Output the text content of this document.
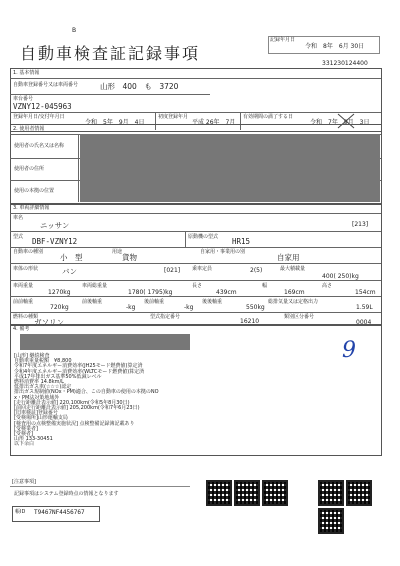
B
自動車検査証記録事項
記録年月日
令和　8年　6月 30日
331230124400
1. 基本情報
自動車登録番号又は車両番号	山形　400　も　3720
車台番号
VZNY12-045963
登録年月日/交付年月日
令和　5年　9月　4日
初度登録年月
平成 26年　7月
有効期間の満了する日
令和　7年　9月　3日
2. 使用者情報
使用者の氏名又は名称
使用者の住所
使用の本拠の位置
3. 車両詳細情報
車名
ニッサン	[213]
型式 DBF-VZNY12	原動機の型式 HR15
自動車の種別
小　型
用途
貨物
自家用・事業用の別
自家用
車体の形状	バン	[021] 乗車定員	2(5)	最大積載量
400( 250)kg
車両重量
1270kg
車両総重量
1780( 1795)kg
長さ
439cm
幅
169cm
高さ
154cm
前前軸重
720kg
前後軸重
-kg
後前軸重
-kg
後後軸重
550kg
総排気量又は定格出力
1.59L
燃料の種類
ガソリン
型式指定番号
16210
類別区分番号
0004
4. 備考
9
[山形] 継続検査
自動車重量税額　¥8,800
令和7年度エネルギー消費効率(JH25モード燃費値)算定済
令和4年度エネルギー消費効率(WLTCモード燃費値)算定済
平成17年排出ガス基準50%低減レベル
燃料消費率 14.8km/L
低排出ガス車(☆☆☆)認定
排出ガス規制値(NOx・PM)適合、この自動車の使用の本拠のNO
x・PM法対策地域外
[走行距離計表示値] 220,100km(令和5年8月30日)
[前回走行距離計表示値] 205,200km(令和7年6月23日)
[旧車検証]登録番号
[受検場所]山形運輸支局
[検査用の点検整備実施状況] 点検整備記録簿記載あり
[受検業者]
[受検者]
山形 133-30451
以下余白
[注意事項]
記録事項はシステム登録時点の情報となります
帳ID T9467NF4456767
